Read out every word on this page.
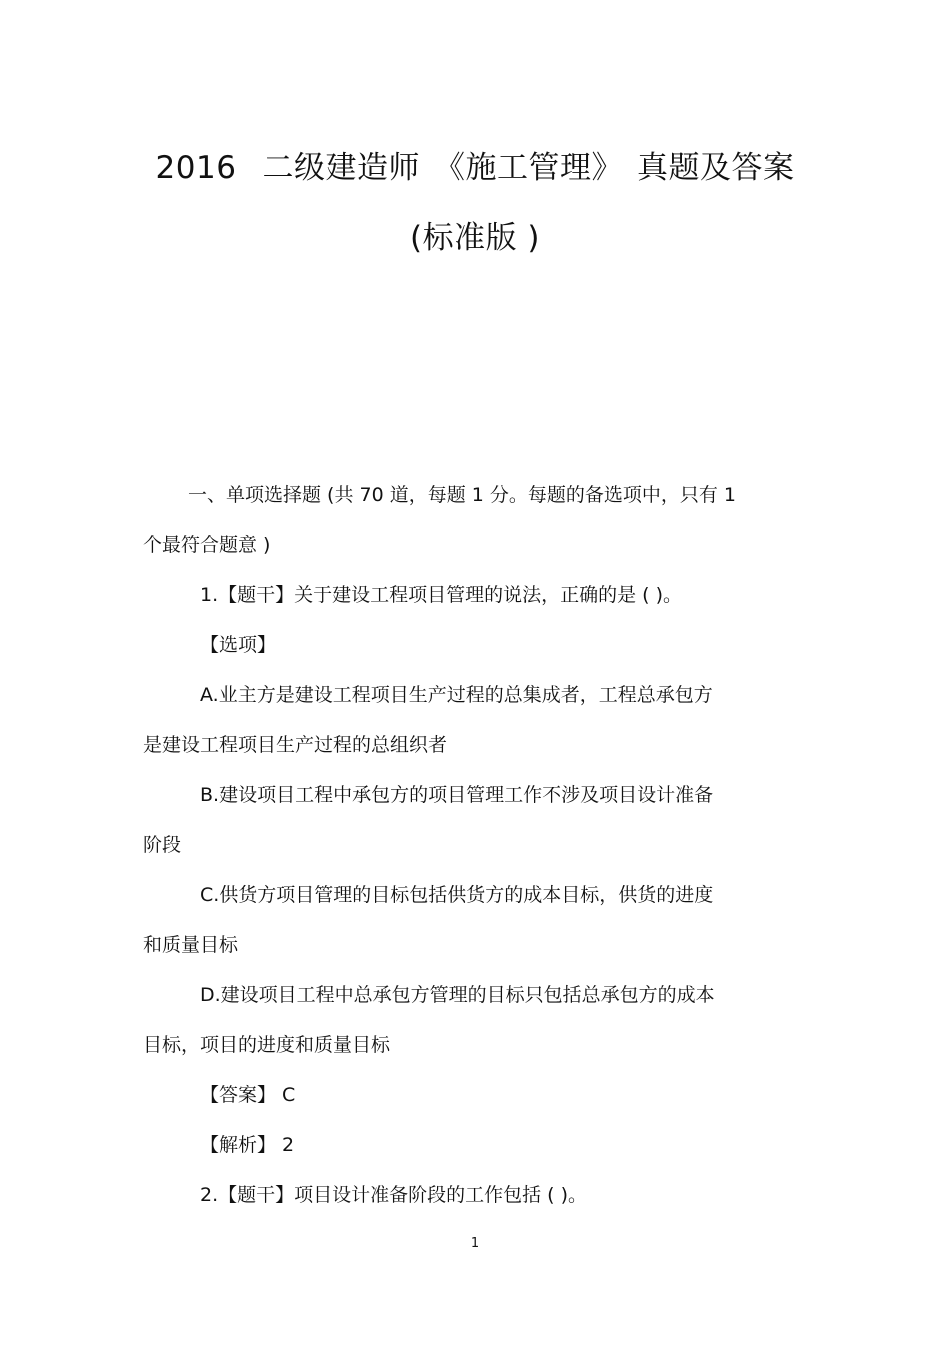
2016 二级建造师 《施工管理》 真题及答案
(标准版 )
一、单项选择题 (共 70 道，每题 1 分。每题的备选项中，只有 1
个最符合题意 )
1.【题干】关于建设工程项目管理的说法，正确的是 ( )。
【选项】
A.业主方是建设工程项目生产过程的总集成者，工程总承包方
是建设工程项目生产过程的总组织者
B.建设项目工程中承包方的项目管理工作不涉及项目设计准备
阶段
C.供货方项目管理的目标包括供货方的成本目标，供货的进度
和质量目标
D.建设项目工程中总承包方管理的目标只包括总承包方的成本
目标，项目的进度和质量目标
【答案】 C
【解析】 2
2.【题干】项目设计准备阶段的工作包括 ( )。
1
